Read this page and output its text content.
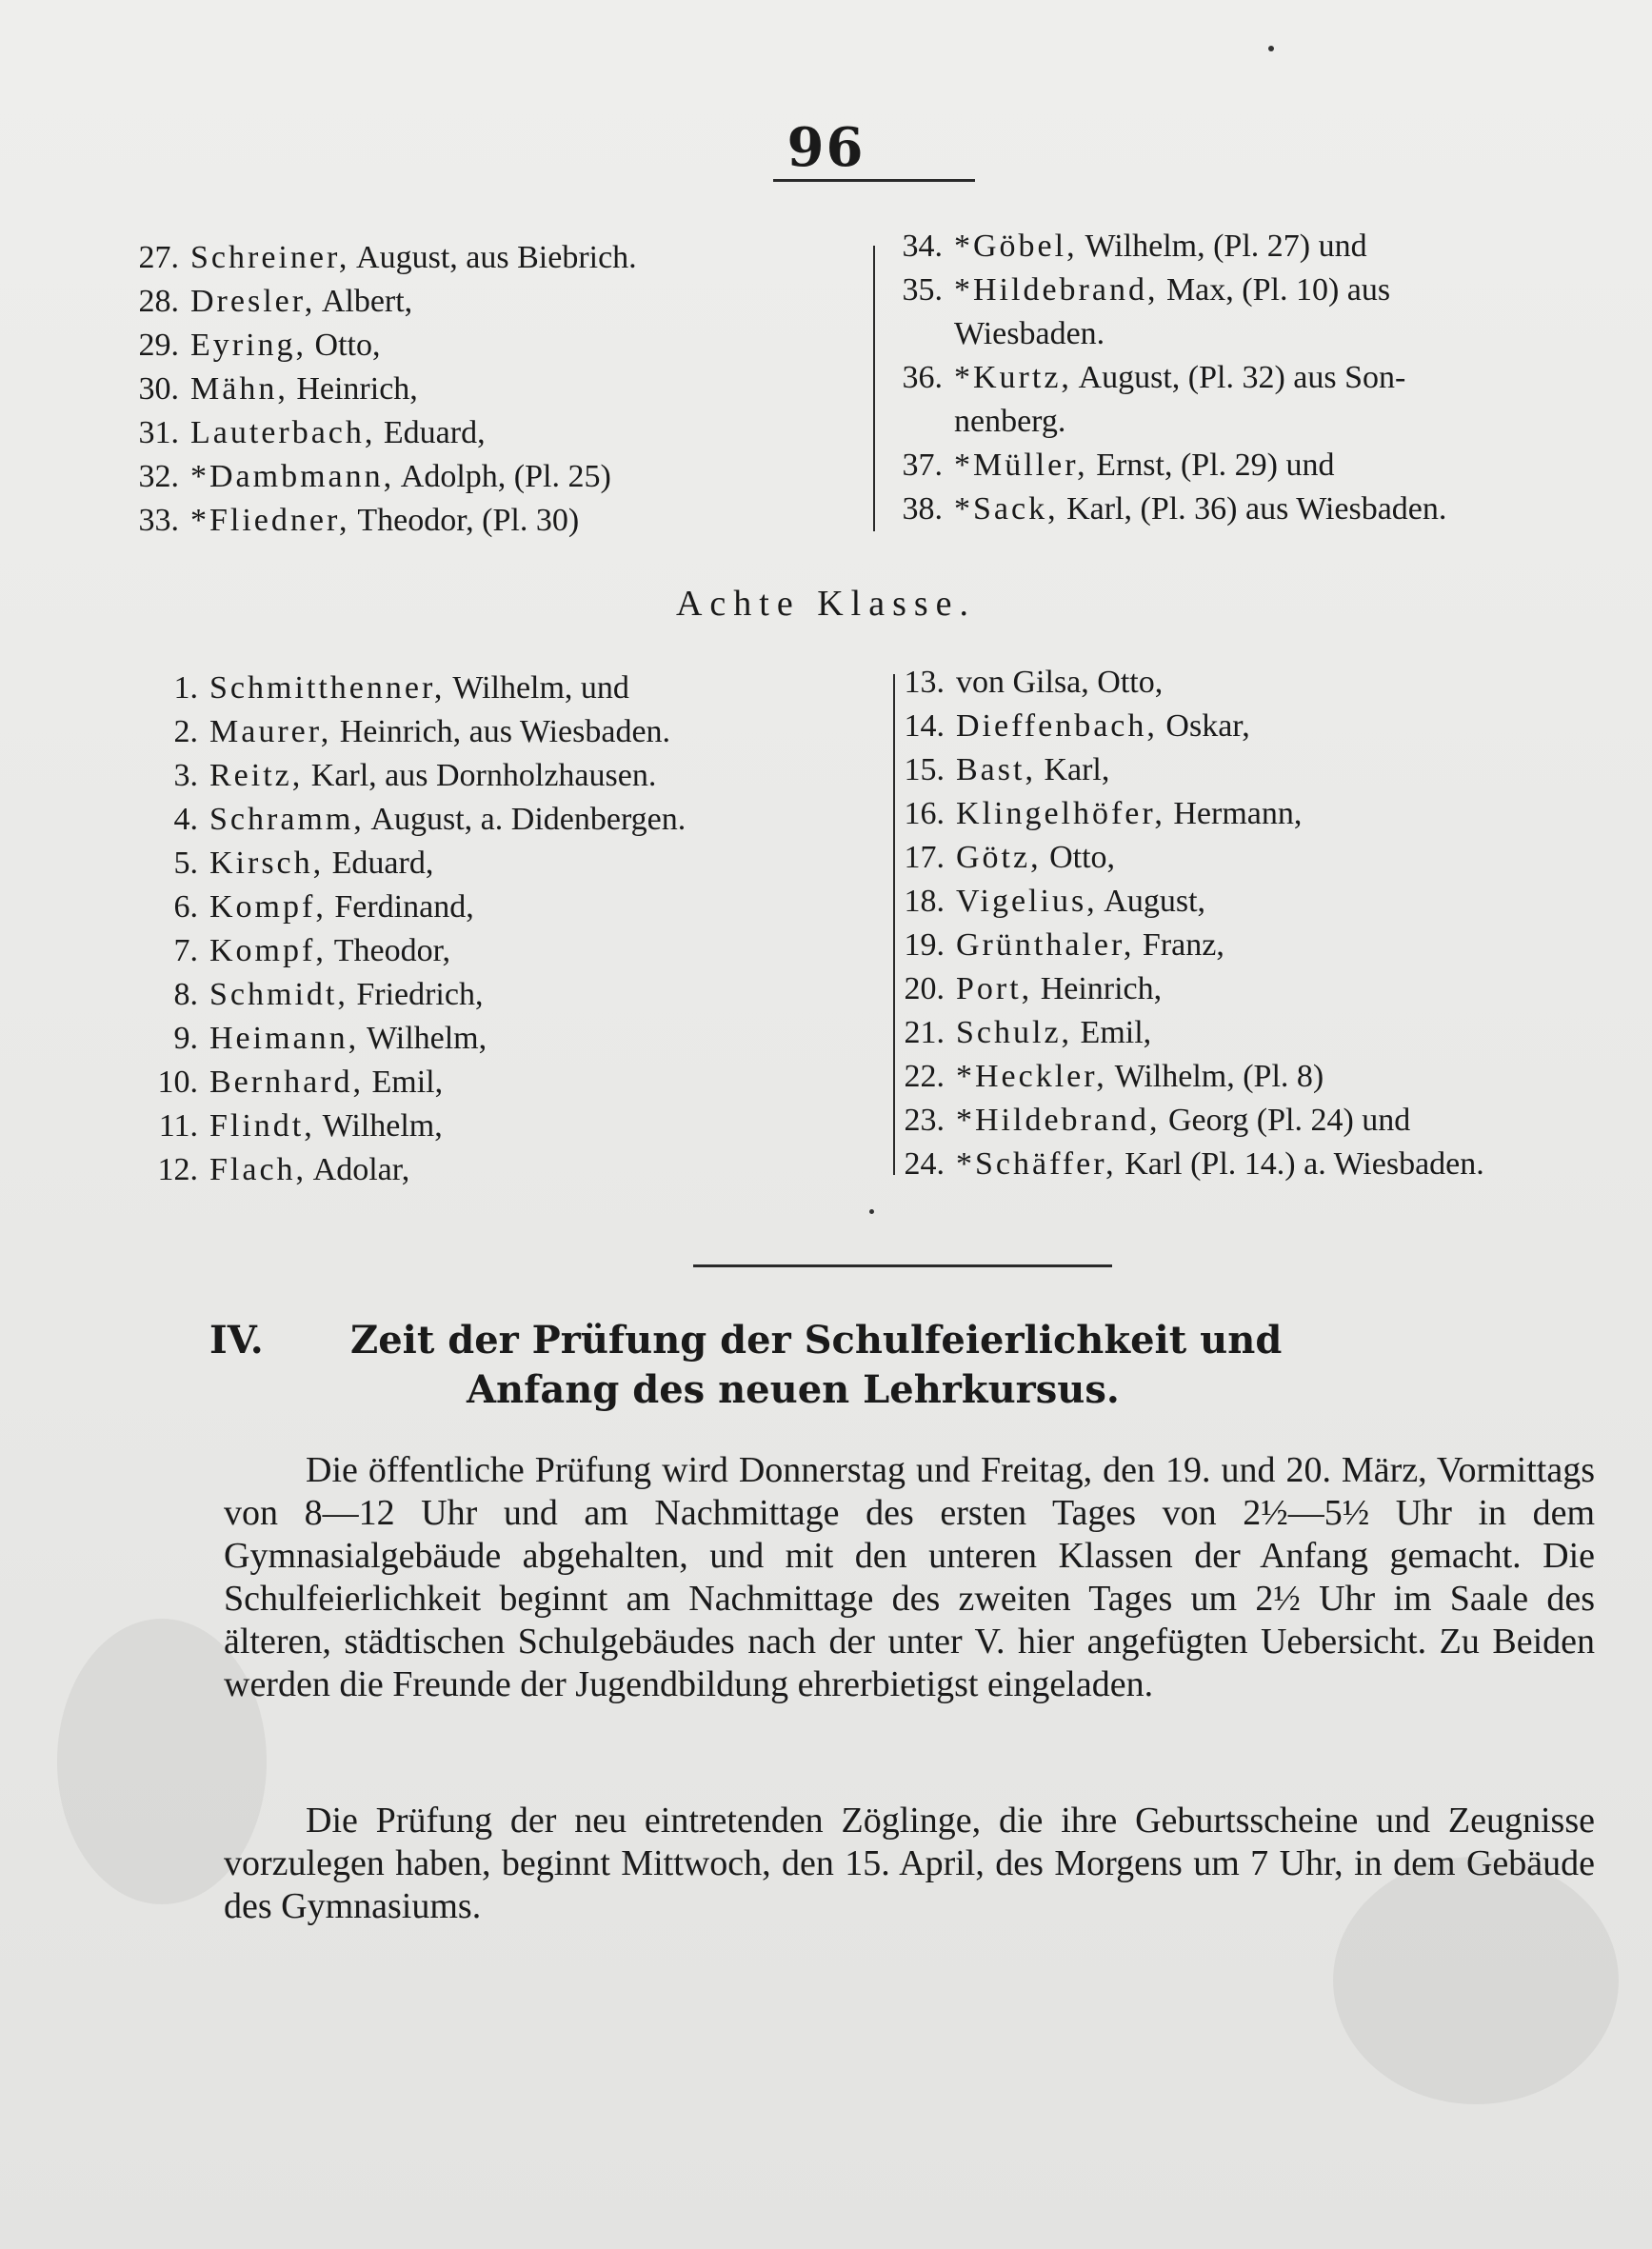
96
27. Schreiner, August, aus Biebrich.
28. Dresler, Albert,
29. Eyring, Otto,
30. Mähn, Heinrich,
31. Lauterbach, Eduard,
32. *Dambmann, Adolph, (Pl. 25)
33. *Fliedner, Theodor, (Pl. 30)
34. *Göbel, Wilhelm, (Pl. 27) und
35. *Hildebrand, Max, (Pl. 10) aus
Wiesbaden.
36. *Kurtz, August, (Pl. 32) aus Son-
nenberg.
37. *Müller, Ernst, (Pl. 29) und
38. *Sack, Karl, (Pl. 36) aus Wiesbaden.
Achte Klasse.
1. Schmitthenner, Wilhelm, und
2. Maurer, Heinrich, aus Wiesbaden.
3. Reitz, Karl, aus Dornholzhausen.
4. Schramm, August, a. Didenbergen.
5. Kirsch, Eduard,
6. Kompf, Ferdinand,
7. Kompf, Theodor,
8. Schmidt, Friedrich,
9. Heimann, Wilhelm,
10. Bernhard, Emil,
11. Flindt, Wilhelm,
12. Flach, Adolar,
13. von Gilsa, Otto,
14. Dieffenbach, Oskar,
15. Bast, Karl,
16. Klingelhöfer, Hermann,
17. Götz, Otto,
18. Vigelius, August,
19. Grünthaler, Franz,
20. Port, Heinrich,
21. Schulz, Emil,
22. *Heckler, Wilhelm, (Pl. 8)
23. *Hildebrand, Georg (Pl. 24) und
24. *Schäffer, Karl (Pl. 14.) a. Wiesbaden.
IV. Zeit der Prüfung der Schulfeierlichkeit und
Anfang des neuen Lehrkursus.

Die öffentliche Prüfung wird Donnerstag und Freitag, den 19. und 20. März, Vormittags von 8—12 Uhr und am Nachmittage des ersten Tages von 2½—5½ Uhr in dem Gymnasialgebäude abgehalten, und mit den unteren Klassen der Anfang gemacht. Die Schulfeierlichkeit beginnt am Nachmittage des zweiten Tages um 2½ Uhr im Saale des älteren, städtischen Schulgebäudes nach der unter V. hier angefügten Uebersicht. Zu Beiden werden die Freunde der Jugendbildung ehrerbietigst eingeladen.

Die Prüfung der neu eintretenden Zöglinge, die ihre Geburtsscheine und Zeugnisse vorzulegen haben, beginnt Mittwoch, den 15. April, des Morgens um 7 Uhr, in dem Gebäude des Gymnasiums.
